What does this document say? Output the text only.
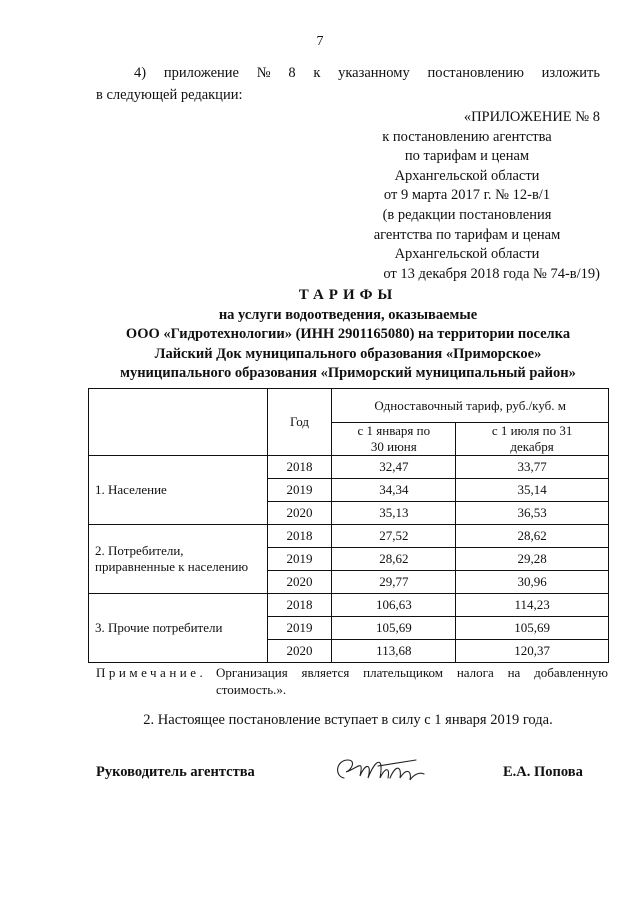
7
4) приложение № 8 к указанному постановлению изложить
в следующей редакции:
«ПРИЛОЖЕНИЕ № 8
к постановлению агентства
по тарифам и ценам
Архангельской области
от 9 марта 2017 г. № 12-в/1
(в редакции постановления
агентства по тарифам и ценам
Архангельской области
от 13 декабря 2018 года № 74-в/19)
ТАРИФЫ
на услуги водоотведения, оказываемые
ООО «Гидротехнологии» (ИНН 2901165080) на территории поселка
Лайский Док муниципального образования «Приморское»
муниципального образования «Приморский муниципальный район»
	Год	Одноставочный тариф, руб./куб. м	
		с 1 января по 30 июня	с 1 июля по 31 декабря
1. Население	2018	32,47	33,77
	2019	34,34	35,14
	2020	35,13	36,53
2. Потребители, приравненные к населению	2018	27,52	28,62
	2019	28,62	29,28
	2020	29,77	30,96
3. Прочие потребители	2018	106,63	114,23
	2019	105,69	105,69
	2020	113,68	120,37
Примечание. Организация является плательщиком налога на добавленную стоимость.».
2. Настоящее постановление вступает в силу с 1 января 2019 года.
Руководитель агентства	Е.А. Попова
